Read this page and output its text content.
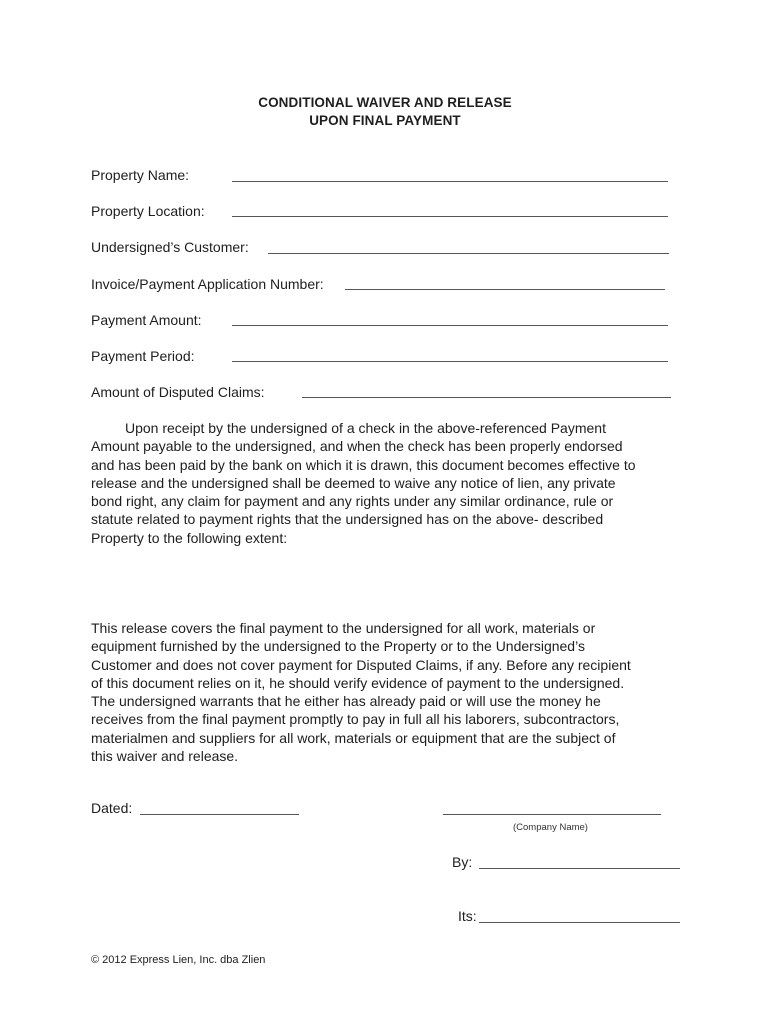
CONDITIONAL WAIVER AND RELEASE
UPON FINAL PAYMENT
Property Name:
Property Location:
Undersigned’s Customer:
Invoice/Payment Application Number:
Payment Amount:
Payment Period:
Amount of Disputed Claims:
Upon receipt by the undersigned of a check in the above-referenced Payment
Amount payable to the undersigned, and when the check has been properly endorsed
and has been paid by the bank on which it is drawn, this document becomes effective to
release and the undersigned shall be deemed to waive any notice of lien, any private
bond right, any claim for payment and any rights under any similar ordinance, rule or
statute related to payment rights that the undersigned has on the above- described
Property to the following extent:
This release covers the final payment to the undersigned for all work, materials or
equipment furnished by the undersigned to the Property or to the Undersigned’s
Customer and does not cover payment for Disputed Claims, if any. Before any recipient
of this document relies on it, he should verify evidence of payment to the undersigned.
The undersigned warrants that he either has already paid or will use the money he
receives from the final payment promptly to pay in full all his laborers, subcontractors,
materialmen and suppliers for all work, materials or equipment that are the subject of
this waiver and release.
Dated:
(Company Name)
By:
Its:
© 2012 Express Lien, Inc. dba Zlien
